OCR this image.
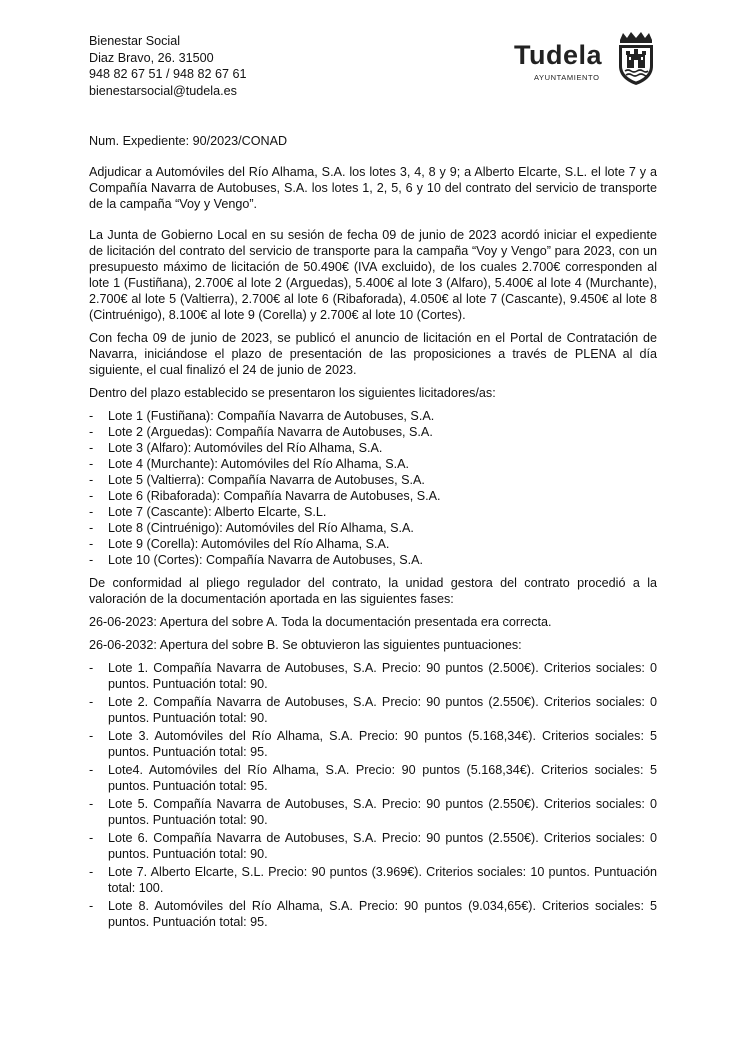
Bienestar Social
Diaz Bravo, 26. 31500
948 82 67 51 / 948 82 67 61
bienestarsocial@tudela.es
Tudela
AYUNTAMIENTO

Num. Expediente: 90/2023/CONAD

Adjudicar a Automóviles del Río Alhama, S.A. los lotes 3, 4, 8 y 9; a Alberto Elcarte, S.L. el lote 7 y a Compañía Navarra de Autobuses, S.A. los lotes 1, 2, 5, 6 y 10 del contrato del servicio de transporte de la campaña “Voy y Vengo”.

La Junta de Gobierno Local en su sesión de fecha 09 de junio de 2023 acordó iniciar el expediente de licitación del contrato del servicio de transporte para la campaña “Voy y Vengo” para 2023, con un presupuesto máximo de licitación de 50.490€ (IVA excluido), de los cuales 2.700€ corresponden al lote 1 (Fustiñana), 2.700€ al lote 2 (Arguedas), 5.400€ al lote 3 (Alfaro), 5.400€ al lote 4 (Murchante), 2.700€ al lote 5 (Valtierra), 2.700€ al lote 6 (Ribaforada), 4.050€ al lote 7 (Cascante), 9.450€ al lote 8 (Cintruénigo), 8.100€ al lote 9 (Corella) y 2.700€ al lote 10 (Cortes).

Con fecha 09 de junio de 2023, se publicó el anuncio de licitación en el Portal de Contratación de Navarra, iniciándose el plazo de presentación de las proposiciones a través de PLENA al día siguiente, el cual finalizó el 24 de junio de 2023.

Dentro del plazo establecido se presentaron los siguientes licitadores/as:

- Lote 1 (Fustiñana): Compañía Navarra de Autobuses, S.A.
- Lote 2 (Arguedas): Compañía Navarra de Autobuses, S.A.
- Lote 3 (Alfaro): Automóviles del Río Alhama, S.A.
- Lote 4 (Murchante): Automóviles del Río Alhama, S.A.
- Lote 5 (Valtierra): Compañía Navarra de Autobuses, S.A.
- Lote 6 (Ribaforada): Compañía Navarra de Autobuses, S.A.
- Lote 7 (Cascante): Alberto Elcarte, S.L.
- Lote 8 (Cintruénigo): Automóviles del Río Alhama, S.A.
- Lote 9 (Corella): Automóviles del Río Alhama, S.A.
- Lote 10 (Cortes): Compañía Navarra de Autobuses, S.A.

De conformidad al pliego regulador del contrato, la unidad gestora del contrato procedió a la valoración de la documentación aportada en las siguientes fases:

26-06-2023: Apertura del sobre A. Toda la documentación presentada era correcta.

26-06-2032: Apertura del sobre B. Se obtuvieron las siguientes puntuaciones:

- Lote 1. Compañía Navarra de Autobuses, S.A. Precio: 90 puntos (2.500€). Criterios sociales: 0 puntos. Puntuación total: 90.
- Lote 2. Compañía Navarra de Autobuses, S.A. Precio: 90 puntos (2.550€). Criterios sociales: 0 puntos. Puntuación total: 90.
- Lote 3. Automóviles del Río Alhama, S.A. Precio: 90 puntos (5.168,34€). Criterios sociales: 5 puntos. Puntuación total: 95.
- Lote4. Automóviles del Río Alhama, S.A. Precio: 90 puntos (5.168,34€). Criterios sociales: 5 puntos. Puntuación total: 95.
- Lote 5. Compañía Navarra de Autobuses, S.A. Precio: 90 puntos (2.550€). Criterios sociales: 0 puntos. Puntuación total: 90.
- Lote 6. Compañía Navarra de Autobuses, S.A. Precio: 90 puntos (2.550€). Criterios sociales: 0 puntos. Puntuación total: 90.
- Lote 7. Alberto Elcarte, S.L. Precio: 90 puntos (3.969€). Criterios sociales: 10 puntos. Puntuación total: 100.
- Lote 8. Automóviles del Río Alhama, S.A. Precio: 90 puntos (9.034,65€). Criterios sociales: 5 puntos. Puntuación total: 95.
